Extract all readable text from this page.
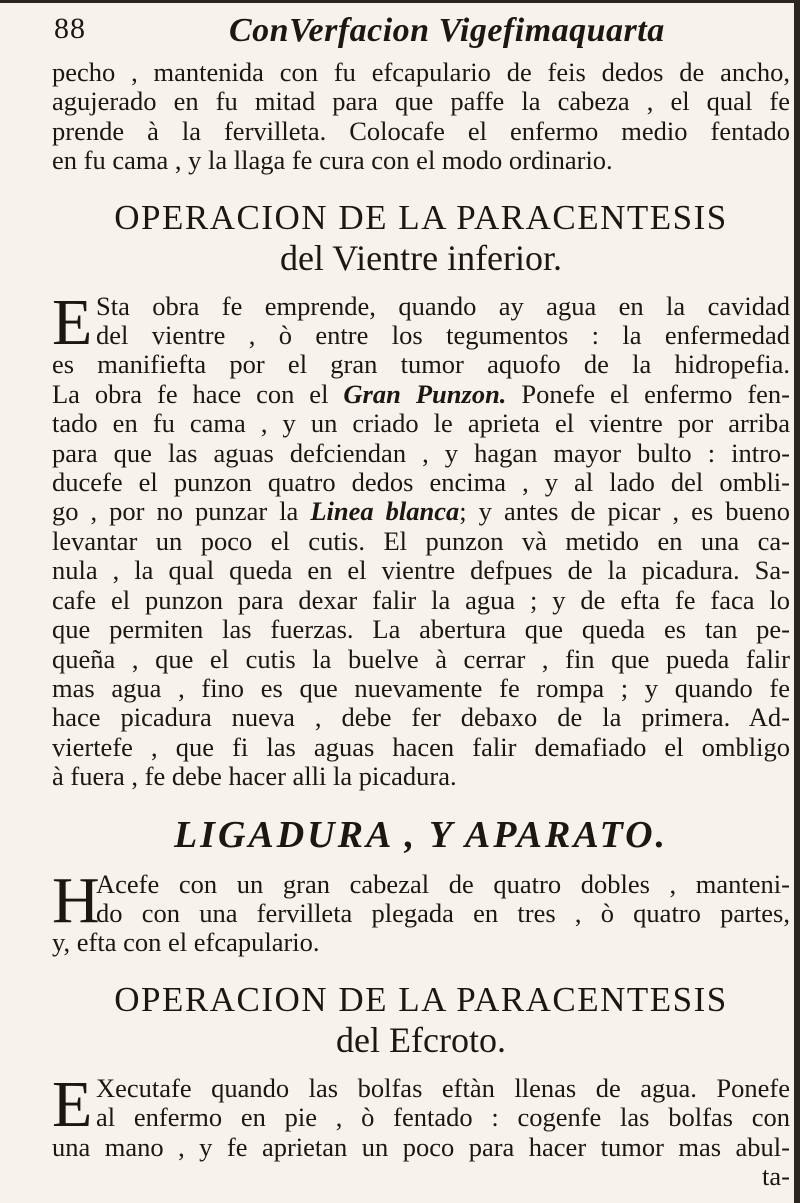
88	ConVerfacion Vigefimaquarta
pecho , mantenida con fu efcapulario de feis dedos de ancho,
agujerado en fu mitad para que paffe la cabeza , el qual fe
prende à la fervilleta. Colocafe el enfermo medio fentado
en fu cama , y la llaga fe cura con el modo ordinario.
OPERACION DE LA PARACENTESIS
del Vientre inferior.
E Sta obra fe emprende, quando ay agua en la cavidad
del vientre , ò entre los tegumentos : la enfermedad
es manifiefta por el gran tumor aquofo de la hidropefia.
La obra fe hace con el Gran Punzon. Ponefe el enfermo fen-
tado en fu cama , y un criado le aprieta el vientre por arriba
para que las aguas defciendan , y hagan mayor bulto : intro-
ducefe el punzon quatro dedos encima , y al lado del ombli-
go , por no punzar la Linea blanca; y antes de picar , es bueno
levantar un poco el cutis. El punzon và metido en una ca-
nula , la qual queda en el vientre defpues de la picadura. Sa-
cafe el punzon para dexar falir la agua ; y de efta fe faca lo
que permiten las fuerzas. La abertura que queda es tan pe-
queña , que el cutis la buelve à cerrar , fin que pueda falir
mas agua , fino es que nuevamente fe rompa ; y quando fe
hace picadura nueva , debe fer debaxo de la primera. Ad-
viertefe , que fi las aguas hacen falir demafiado el ombligo
à fuera , fe debe hacer alli la picadura.
LIGADURA , Y APARATO.
H
Acefe con un gran cabezal de quatro dobles , manteni-
do con una fervilleta plegada en tres , ò quatro partes,
y, efta con el efcapulario.
OPERACION DE LA PARACENTESIS
del Efcroto.
E Xecutafe quando las bolfas eftàn llenas de agua. Ponefe
al enfermo en pie , ò fentado : cogenfe las bolfas con
una mano , y fe aprietan un poco para hacer tumor mas abul-
ta-
